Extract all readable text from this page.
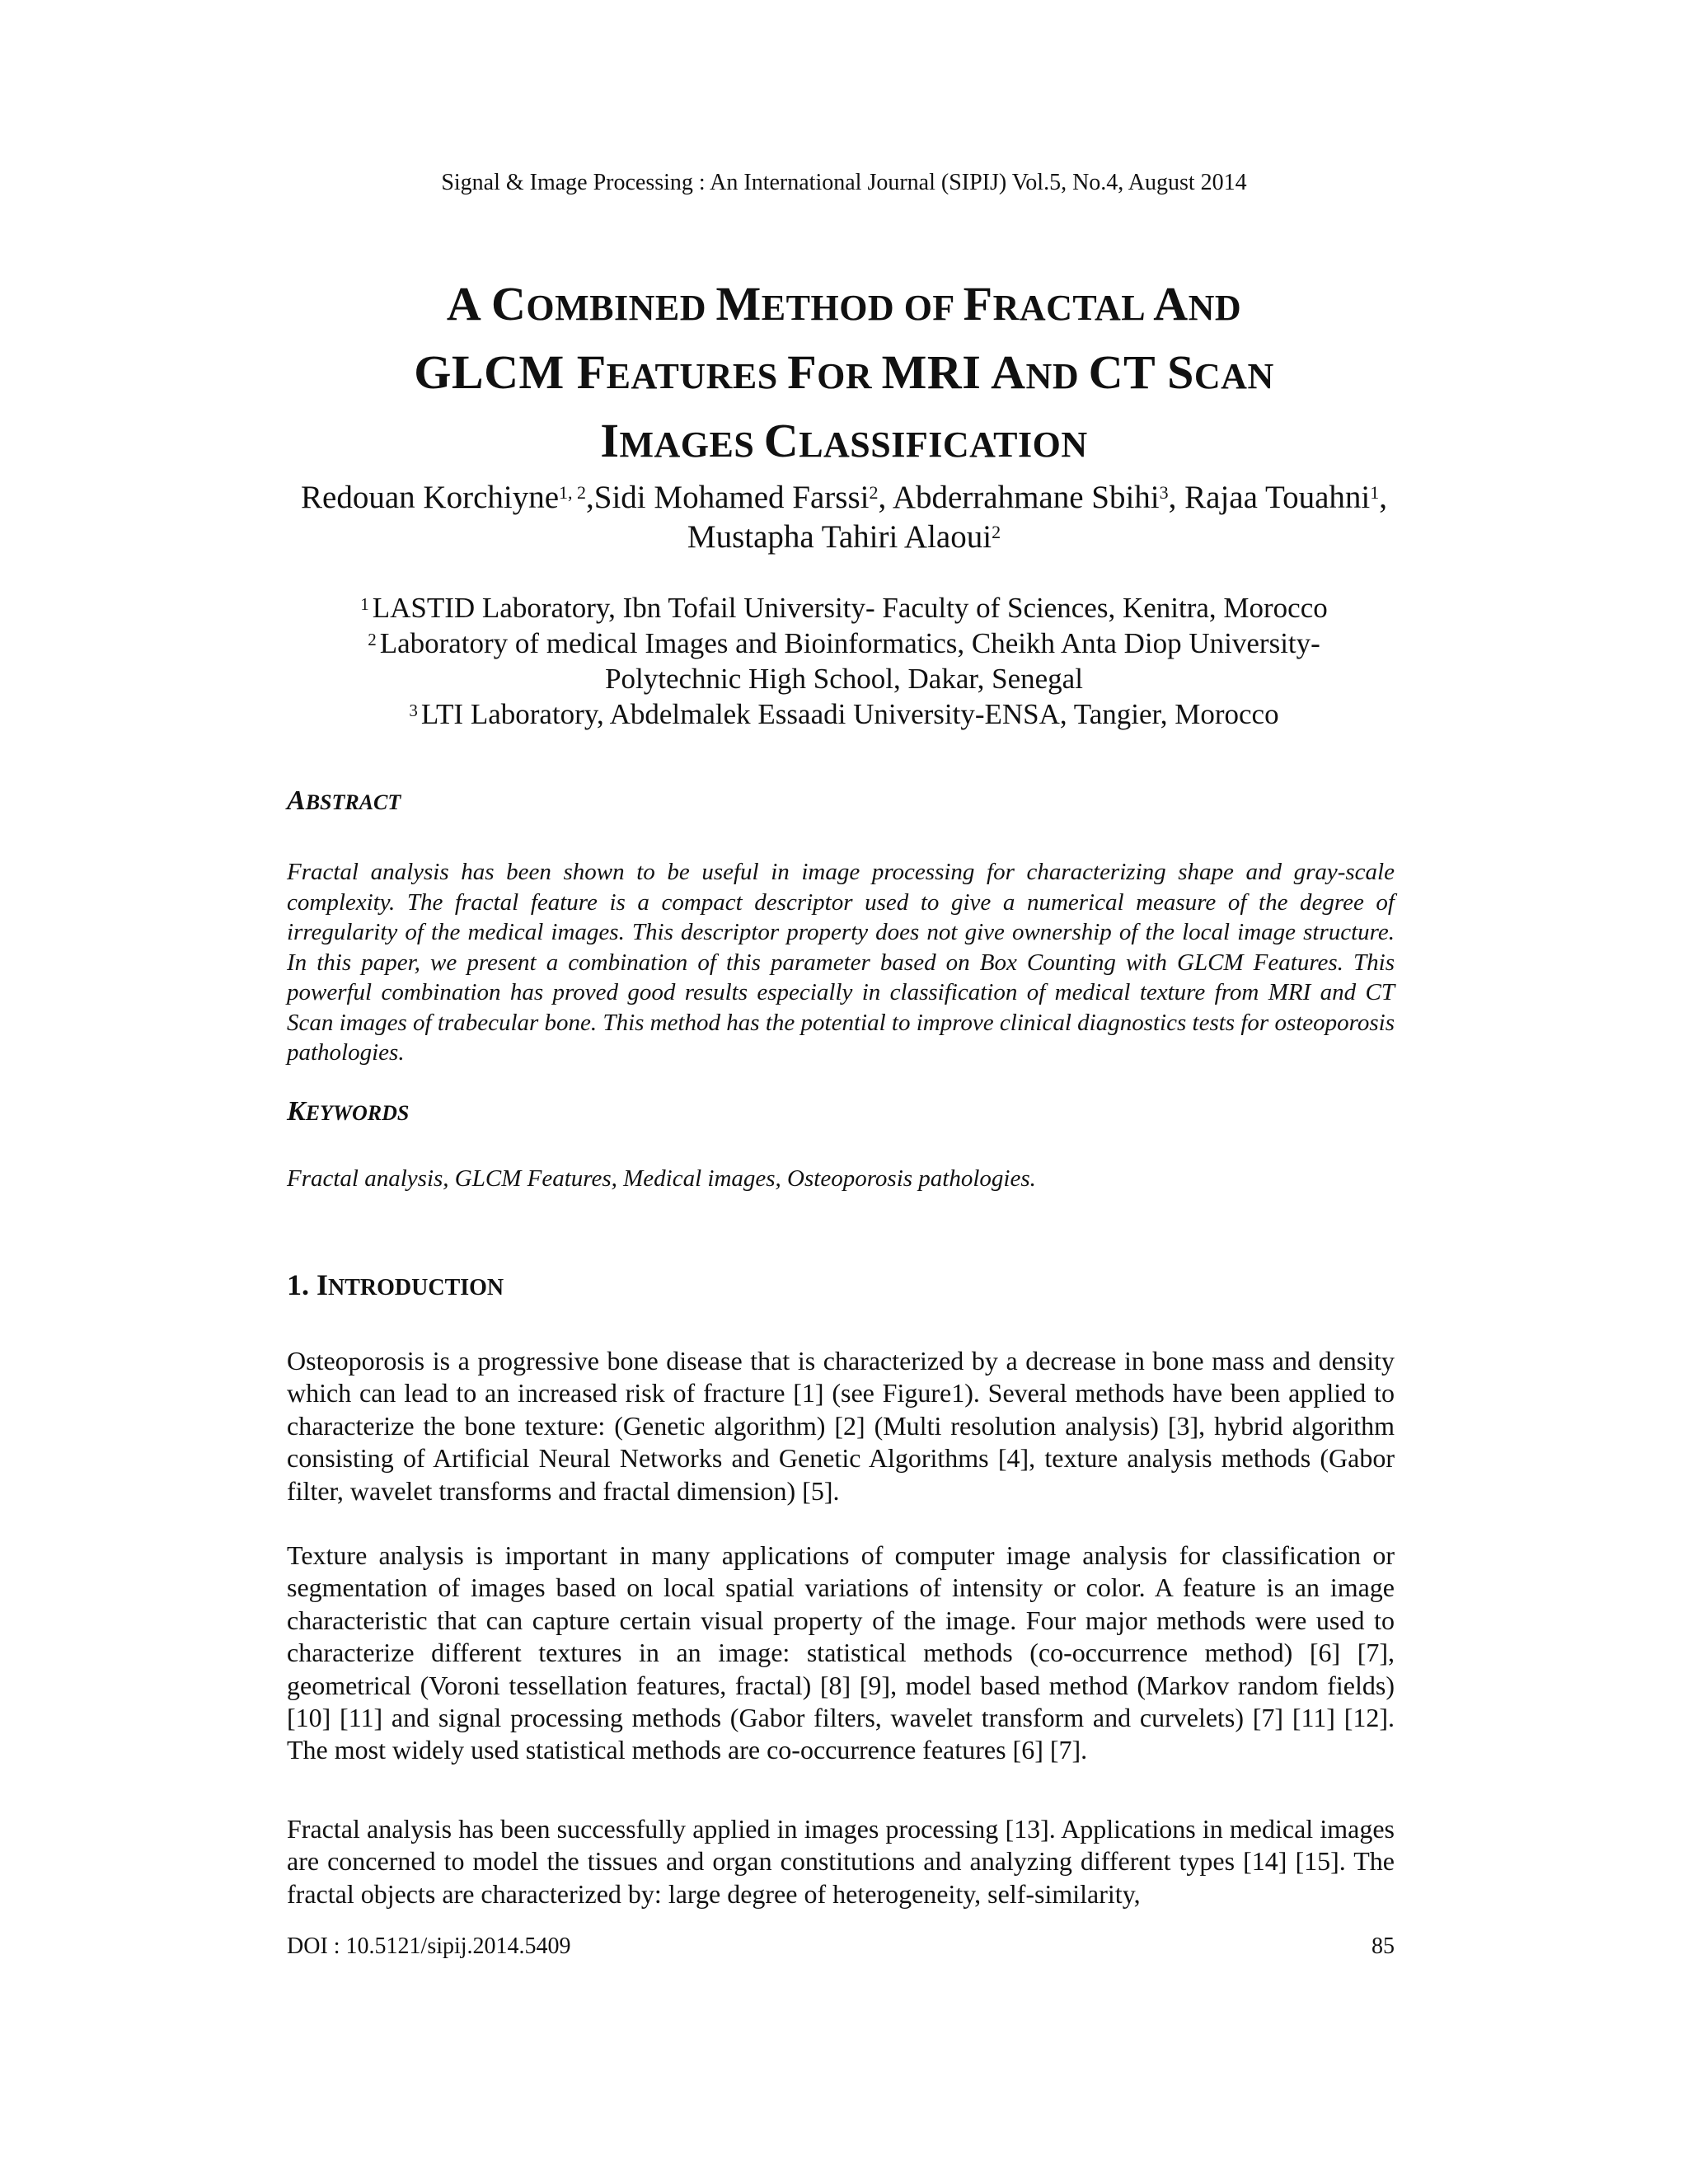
Signal & Image Processing : An International Journal (SIPIJ) Vol.5, No.4, August 2014
A COMBINED METHOD OF FRACTAL AND
GLCM FEATURES FOR MRI AND CT SCAN
IMAGES CLASSIFICATION
Redouan Korchiyne$^{1, 2}$,Sidi Mohamed Farssi$^2$, Abderrahmane Sbihi$^3$, Rajaa Touahni$^1$, Mustapha Tahiri Alaoui$^2$
$^1$ LASTID Laboratory, Ibn Tofail University- Faculty of Sciences, Kenitra, Morocco
$^2$ Laboratory of medical Images and Bioinformatics, Cheikh Anta Diop University-
Polytechnic High School, Dakar, Senegal
$^3$ LTI Laboratory, Abdelmalek Essaadi University-ENSA, Tangier, Morocco
ABSTRACT

Fractal analysis has been shown to be useful in image processing for characterizing shape and gray-scale complexity. The fractal feature is a compact descriptor used to give a numerical measure of the degree of irregularity of the medical images. This descriptor property does not give ownership of the local image structure. In this paper, we present a combination of this parameter based on Box Counting with GLCM Features. This powerful combination has proved good results especially in classification of medical texture from MRI and CT Scan images of trabecular bone. This method has the potential to improve clinical diagnostics tests for osteoporosis pathologies.

KEYWORDS

Fractal analysis, GLCM Features, Medical images, Osteoporosis pathologies.

1. INTRODUCTION

Osteoporosis is a progressive bone disease that is characterized by a decrease in bone mass and density which can lead to an increased risk of fracture [1] (see Figure1). Several methods have been applied to characterize the bone texture: (Genetic algorithm) [2] (Multi resolution analysis) [3], hybrid algorithm consisting of Artificial Neural Networks and Genetic Algorithms [4], texture analysis methods (Gabor filter, wavelet transforms and fractal dimension) [5].

Texture analysis is important in many applications of computer image analysis for classification or segmentation of images based on local spatial variations of intensity or color. A feature is an image characteristic that can capture certain visual property of the image. Four major methods were used to characterize different textures in an image: statistical methods (co-occurrence method) [6] [7], geometrical (Voroni tessellation features, fractal) [8] [9], model based method (Markov random fields) [10] [11] and signal processing methods (Gabor filters, wavelet transform and curvelets) [7] [11] [12]. The most widely used statistical methods are co-occurrence features [6] [7].

Fractal analysis has been successfully applied in images processing [13]. Applications in medical images are concerned to model the tissues and organ constitutions and analyzing different types [14] [15]. The fractal objects are characterized by: large degree of heterogeneity, self-similarity,

DOI : 10.5121/sipij.2014.5409	85
